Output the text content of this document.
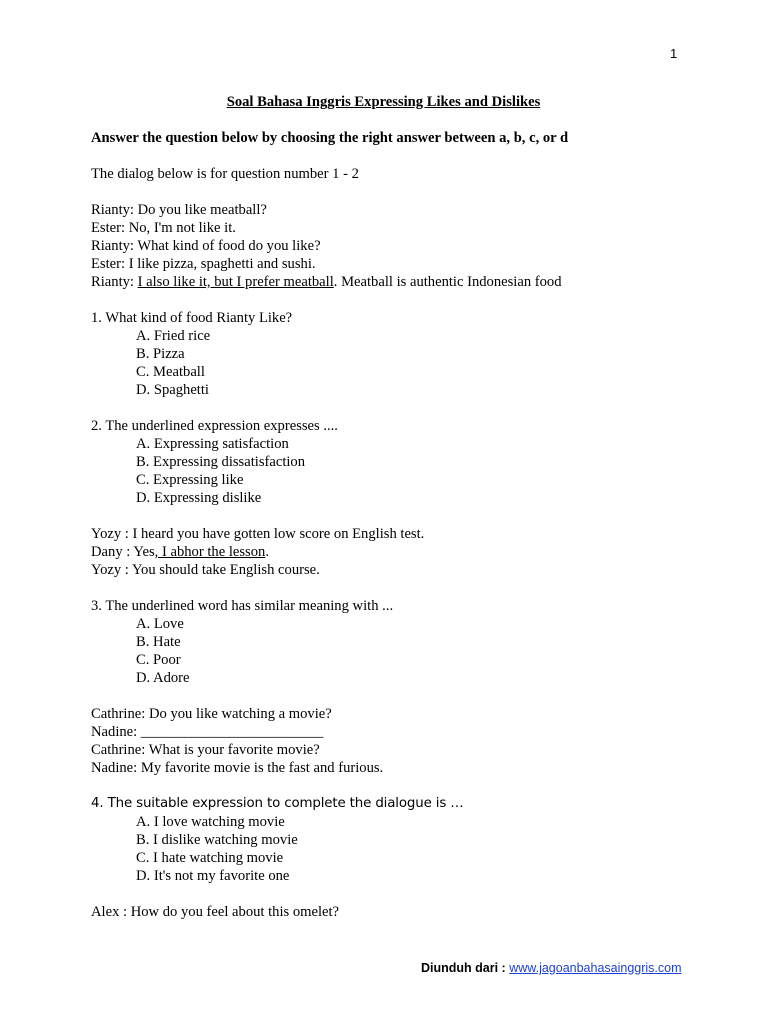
1
Soal Bahasa Inggris Expressing Likes and Dislikes
Answer the question below by choosing the right answer between a, b, c, or d
The dialog below is for question number 1 - 2
Rianty: Do you like meatball?
Ester: No, I'm not like it.
Rianty: What kind of food do you like?
Ester: I like pizza, spaghetti and sushi.
Rianty: I also like it, but I prefer meatball. Meatball is authentic Indonesian food
1. What kind of food Rianty Like?
A. Fried rice
B. Pizza
C. Meatball
D. Spaghetti
2. The underlined expression expresses ....
A. Expressing satisfaction
B. Expressing dissatisfaction
C. Expressing like
D. Expressing dislike
Yozy : I heard you have gotten low score on English test.
Dany : Yes, I abhor the lesson.
Yozy : You should take English course.
3. The underlined word has similar meaning with ...
A. Love
B. Hate
C. Poor
D. Adore
Cathrine: Do you like watching a movie?
Nadine: _________________________
Cathrine: What is your favorite movie?
Nadine: My favorite movie is the fast and furious.
4. The suitable expression to complete the dialogue is …
A. I love watching movie
B. I dislike watching movie
C. I hate watching movie
D. It's not my favorite one
Alex : How do you feel about this omelet?
Diunduh dari : www.jagoanbahasainggris.com
